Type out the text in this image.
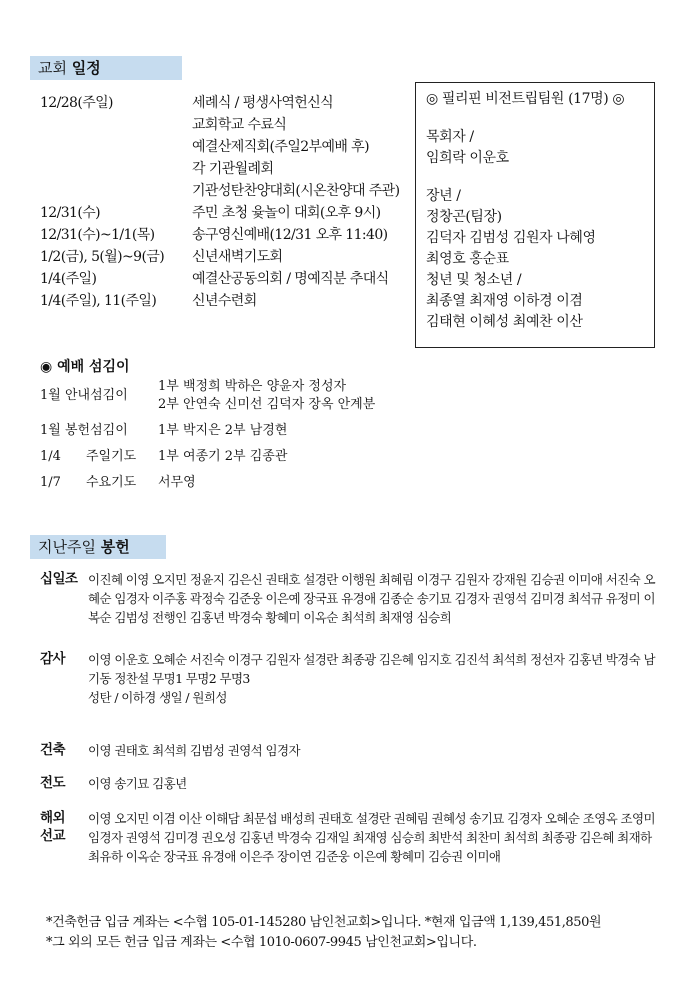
교회 일정
12/28(주일)	세례식 / 평생사역헌신식
교회학교 수료식
예결산제직회(주일2부예배 후)
각 기관월례회
기관성탄찬양대회(시온찬양대 주관)
12/31(수)	주민 초청 윷놀이 대회(오후 9시)
12/31(수)~1/1(목)	송구영신예배(12/31 오후 11:40)
1/2(금), 5(월)~9(금)	신년새벽기도회
1/4(주일)	예결산공동의회 / 명예직분 추대식
1/4(주일), 11(주일)	신년수련회
◎ 필리핀 비전트립팀원 (17명) ◎
목회자 /
임희락 이운호
장년 /
정창곤(팀장)
김덕자 김범성 김원자 나혜영
최영호 홍순표
청년 및 청소년 /
최종열 최재영 이하경 이겸
김태현 이혜성 최예찬 이산
◉ 예배 섬김이
1월 안내섬김이
1부 백정희 박하은 양윤자 정성자
2부 안연숙 신미선 김덕자 장옥 안계분
1월 봉헌섬김이	1부 박지은 2부 남경현
1/4	주일기도 1부 여종기 2부 김종관
1/7	수요기도 서무영
지난주일 봉헌
십일조 이진혜 이영 오지민 정윤지 김은신 권태호 설경란 이행원 최혜림 이경구 김원자 강재원 김승권 이미애 서진숙 오혜순 임경자 이주홍 곽정숙 김준웅 이은예 장국표 유경애 김종순 송기묘 김경자 권영석 김미경 최석규 유정미 이복순 김범성 전행인 김홍년 박경숙 황혜미 이옥순 최석희 최재영 심승희
감사	이영 이운호 오혜순 서진숙 이경구 김원자 설경란 최종광 김은혜 임지호 김진석 최석희 정선자 김홍년 박경숙 남기동 정찬설 무명1 무명2 무명3
성탄 / 이하경 생일 / 원희성
건축	이영 권태호 최석희 김범성 권영석 임경자
전도	이영 송기묘 김홍년
해외
선교
이영 오지민 이겸 이산 이해담 최문섭 배성희 권태호 설경란 권혜림 권혜성 송기묘 김경자 오혜순 조영옥 조영미 임경자 권영석 김미경 권오성 김홍년 박경숙 김재일 최재영 심승희 최반석 최찬미 최석희 최종광 김은혜 최재하 최유하 이옥순 장국표 유경애 이은주 장이연 김준웅 이은예 황혜미 김승권 이미애
*건축헌금 입금 계좌는 <수협 105-01-145280 남인천교회>입니다. *현재 입금액 1,139,451,850원
*그 외의 모든 헌금 입금 계좌는 <수협 1010-0607-9945 남인천교회>입니다.
